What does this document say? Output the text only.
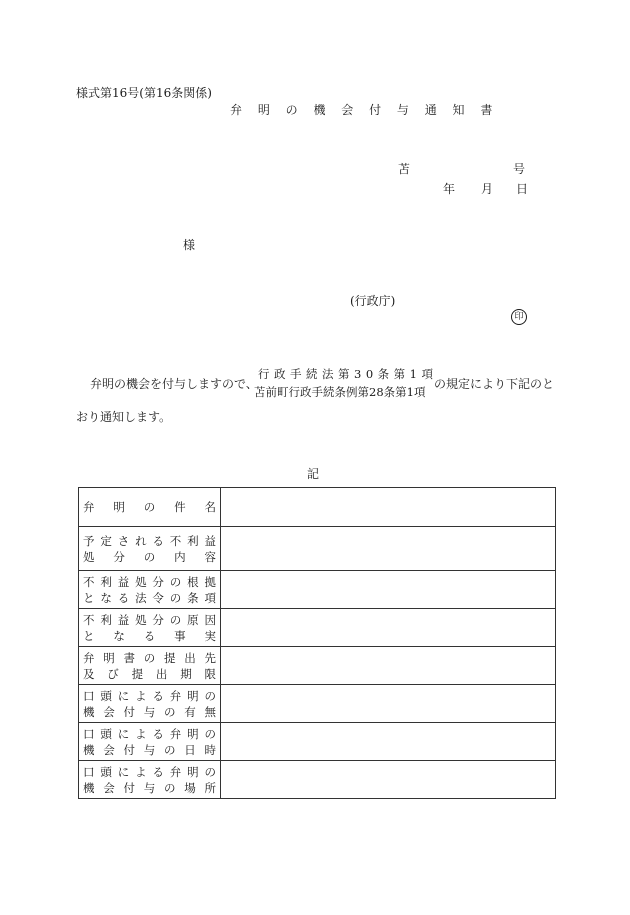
様式第16号(第16条関係)
弁 明 の 機 会 付 与 通 知 書
苫	号
年 月 日
様
(行政庁)
印
弁明の機会を付与しますので、
行政手続法第30条第1項
苫前町行政手続条例第28条第1項
の規定により下記のと
おり通知します。
記
弁明の件名	

予定される不利益
処分の内容	

不利益処分の根拠
となる法令の条項	

不利益処分の原因
となる事実	

弁明書の提出先
及び提出期限	

口頭による弁明の
機会付与の有無	

口頭による弁明の
機会付与の日時	

口頭による弁明の
機会付与の場所	
